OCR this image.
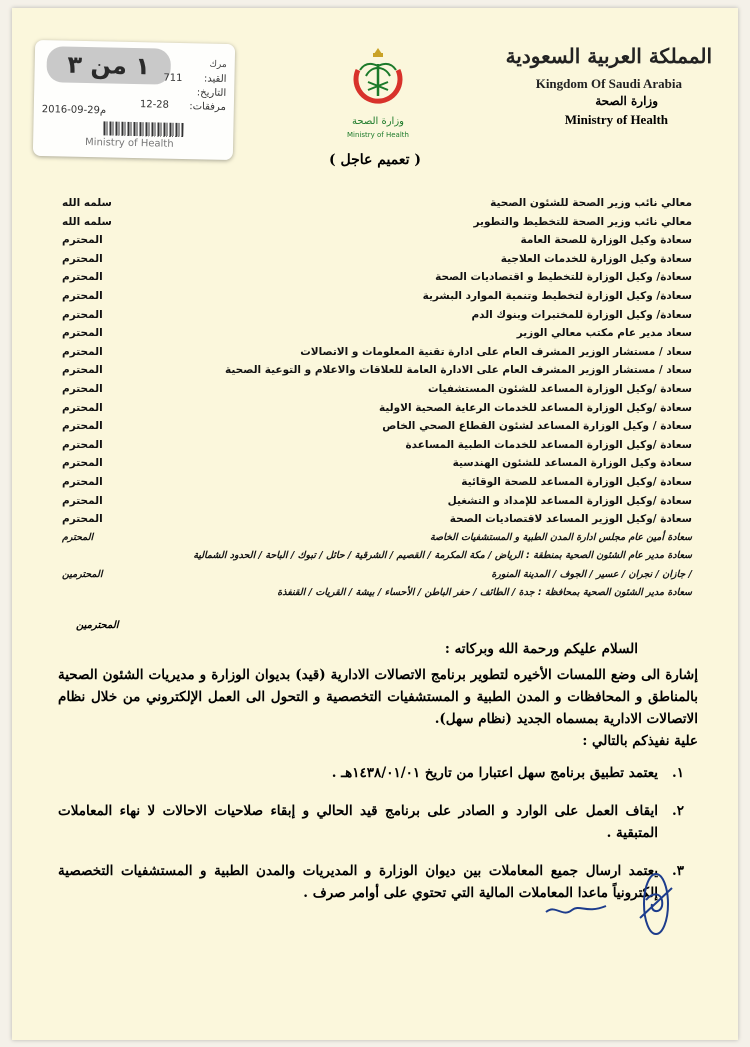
المملكة العربية السعودية
Kingdom Of Saudi Arabia
وزارة الصحة
Ministry of Health
وزارة الصحة
Ministry of Health
١ من ٣	مرك
القيد:
711
التاريخ:
12-28
2016-09-29م	مرفقات:
Ministry of Health
( تعميم عاجل )
معالي نائب وزير الصحة للشئون الصحية
سلمه الله
معالي نائب وزير الصحة للتخطيط والتطوير
سلمه الله
سعادة وكيل الوزارة للصحة العامة
المحترم
سعادة وكيل الوزارة للخدمات العلاجية
المحترم
سعادة/ وكيل الوزارة للتخطيط و اقتصاديات الصحة
المحترم
سعادة/ وكيل الوزارة لتخطيط وتنمية الموارد البشرية
المحترم
سعادة/ وكيل الوزارة للمختبرات وبنوك الدم
المحترم
سعاد مدير عام مكتب معالي الوزير
المحترم
سعاد / مستشار الوزير المشرف العام على ادارة تقنية المعلومات و الاتصالات
المحترم
سعاد / مستشار الوزير المشرف العام على الادارة العامة للعلاقات والاعلام و التوعية الصحية
المحترم
سعادة /وكيل الوزارة المساعد للشئون المستشفيات
المحترم
سعادة /وكيل الوزارة المساعد للخدمات الرعاية الصحية الاولية
المحترم
سعادة / وكيل الوزارة المساعد لشئون القطاع الصحي الخاص
المحترم
سعادة /وكيل الوزارة المساعد للخدمات الطبية المساعدة
المحترم
سعادة وكيل الوزارة المساعد للشئون الهندسية
المحترم
سعادة /وكيل الوزارة المساعد للصحة الوقائية
المحترم
سعادة /وكيل الوزارة المساعد للإمداد و التشغيل
المحترم
سعادة /وكيل الوزير المساعد لاقتصاديات الصحة
المحترم
سعادة أمين عام مجلس ادارة المدن الطبية و المستشفيات الخاصة
المحترم
سعادة مدير عام الشئون الصحية بمنطقة : الرياض / مكة المكرمة / القصيم / الشرقية / حائل / تبوك / الباحة / الحدود الشمالية
/ جازان / نجران / عسير / الجوف / المدينة المنورة
المحترمين
سعادة مدير الشئون الصحية بمحافظة : جدة / الطائف / حفر الباطن / الأحساء / بيشة / القريات / القنفذة
المحترمين
السلام عليكم ورحمة الله وبركاته :
إشارة الى وضع اللمسات الأخيره لتطوير برنامج الاتصالات الادارية (قيد) بديوان الوزارة و مديريات الشئون الصحية بالمناطق و المحافظات و المدن الطبية و المستشفيات التخصصية و التحول الى العمل الإلكتروني من خلال نظام الاتصالات الادارية بمسماه الجديد (نظام سهل).
علية نفيذكم بالتالي :
١.
يعتمد تطبيق برنامج سهل اعتبارا من تاريخ ١٤٣٨/٠١/٠١هـ .
٢.
ايقاف العمل على الوارد و الصادر على برنامج قيد الحالي و إبقاء صلاحيات الاحالات لا نهاء المعاملات المتبقية .
٣.
يعتمد ارسال جميع المعاملات بين ديوان الوزارة و المديريات والمدن الطبية و المستشفيات التخصصية إلكترونياً ماعدا المعاملات المالية التي تحتوي على أوامر صرف .
